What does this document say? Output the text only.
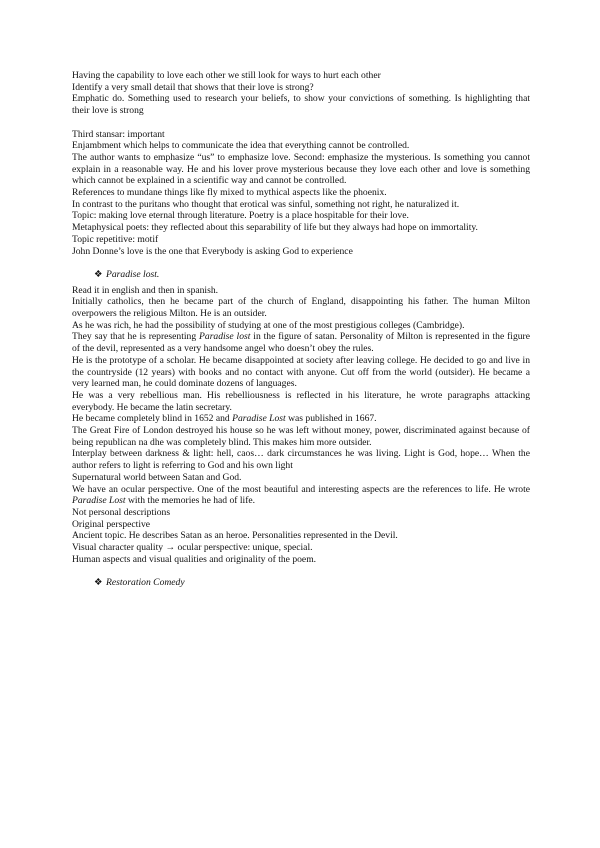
Having the capability to love each other we still look for ways to hurt each other

Identify a very small detail that shows that their love is strong?

Emphatic do. Something used to research your beliefs, to show your convictions of something. Is highlighting that their love is strong

Third stansar: important

Enjambment which helps to communicate the idea that everything cannot be controlled.

The author wants to emphasize “us” to emphasize love. Second: emphasize the mysterious. Is something you cannot explain in a reasonable way. He and his lover prove mysterious because they love each other and love is something which cannot be explained in a scientific way and cannot be controlled.

References to mundane things like fly mixed to mythical aspects like the phoenix.

In contrast to the puritans who thought that erotical was sinful, something not right, he naturalized it.

Topic: making love eternal through literature. Poetry is a place hospitable for their love.

Metaphysical poets: they reflected about this separability of life but they always had hope on immortality.

Topic repetitive: motif

John Donne’s love is the one that Everybody is asking God to experience

❖ Paradise lost.

Read it in english and then in spanish.

Initially catholics, then he became part of the church of England, disappointing his father. The human Milton overpowers the religious Milton. He is an outsider.

As he was rich, he had the possibility of studying at one of the most prestigious colleges (Cambridge).

They say that he is representing Paradise lost in the figure of satan. Personality of Milton is represented in the figure of the devil, represented as a very handsome angel who doesn’t obey the rules.

He is the prototype of a scholar. He became disappointed at society after leaving college. He decided to go and live in the countryside (12 years) with books and no contact with anyone. Cut off from the world (outsider). He became a very learned man, he could dominate dozens of languages.

He was a very rebellious man. His rebelliousness is reflected in his literature, he wrote paragraphs attacking everybody. He became the latin secretary.

He became completely blind in 1652 and Paradise Lost was published in 1667.

The Great Fire of London destroyed his house so he was left without money, power, discriminated against because of being republican na dhe was completely blind. This makes him more outsider.

Interplay between darkness & light: hell, caos… dark circumstances he was living. Light is God, hope… When the author refers to light is referring to God and his own light

Supernatural world between Satan and God.

We have an ocular perspective. One of the most beautiful and interesting aspects are the references to life. He wrote Paradise Lost with the memories he had of life.

Not personal descriptions

Original perspective

Ancient topic. He describes Satan as an heroe. Personalities represented in the Devil.

Visual character quality → ocular perspective: unique, special.

Human aspects and visual qualities and originality of the poem.

❖ Restoration Comedy
